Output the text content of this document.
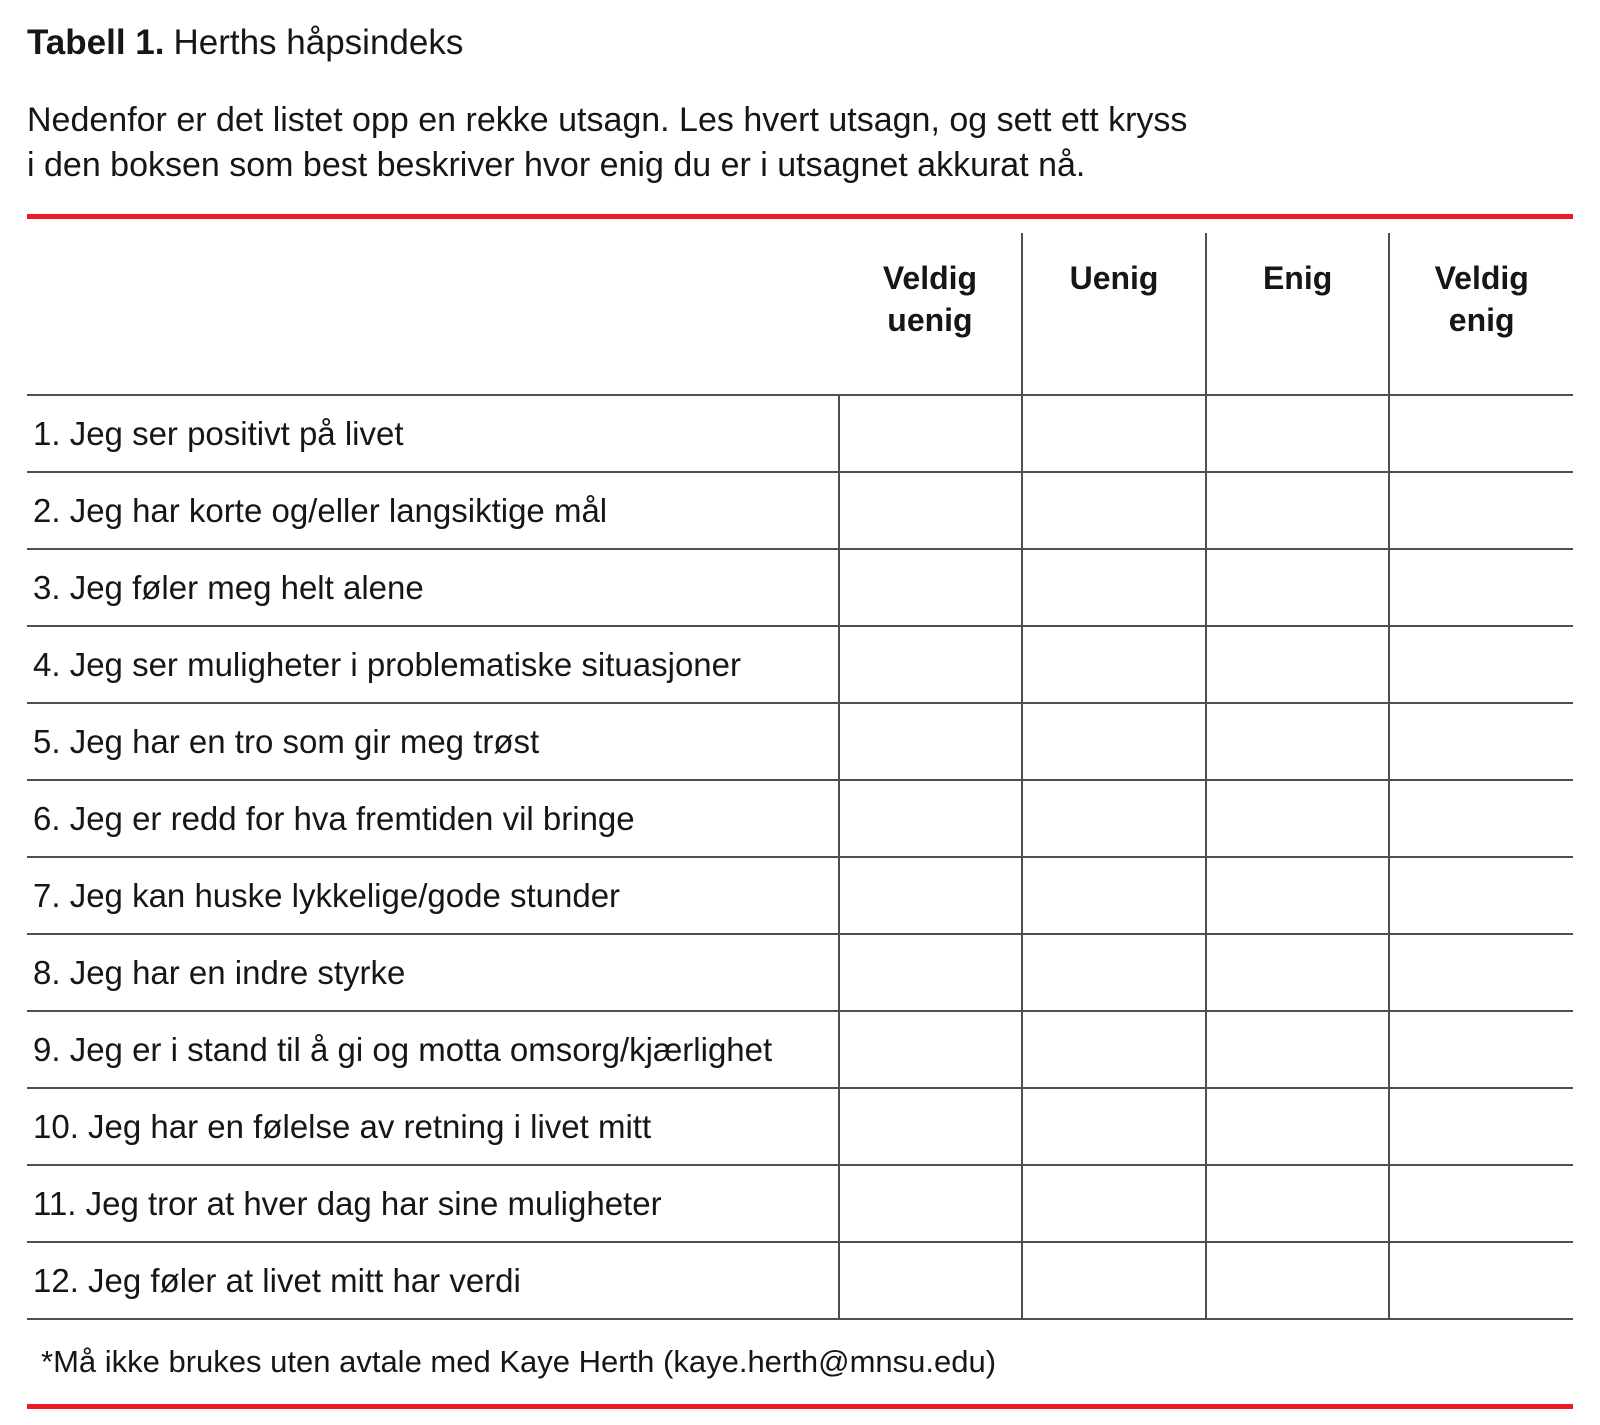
Tabell 1. Herths håpsindeks
Nedenfor er det listet opp en rekke utsagn. Les hvert utsagn, og sett ett kryss
i den boksen som best beskriver hvor enig du er i utsagnet akkurat nå.
	Veldig uenig	Uenig	Enig	Veldig enig
1. Jeg ser positivt på livet				
2. Jeg har korte og/eller langsiktige mål				
3. Jeg føler meg helt alene				
4. Jeg ser muligheter i problematiske situasjoner				
5. Jeg har en tro som gir meg trøst				
6. Jeg er redd for hva fremtiden vil bringe				
7. Jeg kan huske lykkelige/gode stunder				
8. Jeg har en indre styrke				
9. Jeg er i stand til å gi og motta omsorg/kjærlighet				
10. Jeg har en følelse av retning i livet mitt				
11. Jeg tror at hver dag har sine muligheter				
12. Jeg føler at livet mitt har verdi				
*Må ikke brukes uten avtale med Kaye Herth (kaye.herth@mnsu.edu)
